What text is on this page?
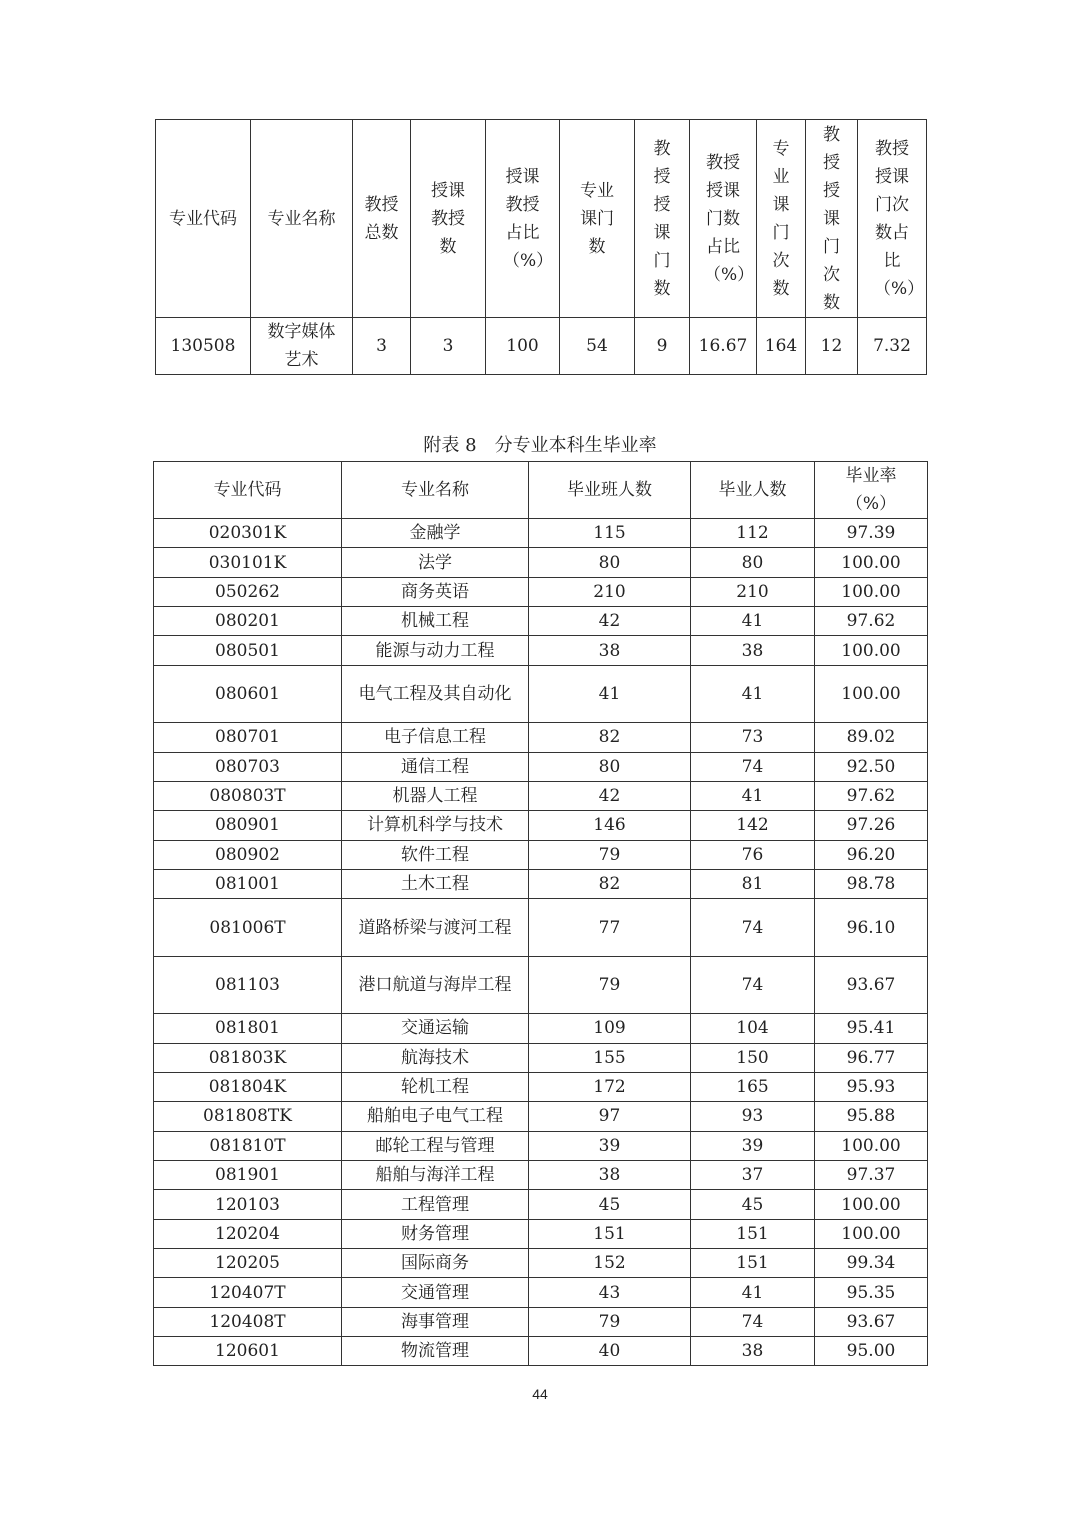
专业代码	专业名称	教授总数	授课教授数	授课教授占比（%）	专业课门数	教授授课门数	教授授课门数占比（%）	专业课门次数	教授授课门次数	教授授课门次数占比（%）
130508	数字媒体艺术	3	3	100	54	9	16.67	164	12	7.32
附表 8　分专业本科生毕业率
专业代码	专业名称	毕业班人数	毕业人数	毕业率（%）
020301K	金融学	115	112	97.39
030101K	法学	80	80	100.00
050262	商务英语	210	210	100.00
080201	机械工程	42	41	97.62
080501	能源与动力工程	38	38	100.00
080601	电气工程及其自动化	41	41	100.00
080701	电子信息工程	82	73	89.02
080703	通信工程	80	74	92.50
080803T	机器人工程	42	41	97.62
080901	计算机科学与技术	146	142	97.26
080902	软件工程	79	76	96.20
081001	土木工程	82	81	98.78
081006T	道路桥梁与渡河工程	77	74	96.10
081103	港口航道与海岸工程	79	74	93.67
081801	交通运输	109	104	95.41
081803K	航海技术	155	150	96.77
081804K	轮机工程	172	165	95.93
081808TK	船舶电子电气工程	97	93	95.88
081810T	邮轮工程与管理	39	39	100.00
081901	船舶与海洋工程	38	37	97.37
120103	工程管理	45	45	100.00
120204	财务管理	151	151	100.00
120205	国际商务	152	151	99.34
120407T	交通管理	43	41	95.35
120408T	海事管理	79	74	93.67
120601	物流管理	40	38	95.00
44
